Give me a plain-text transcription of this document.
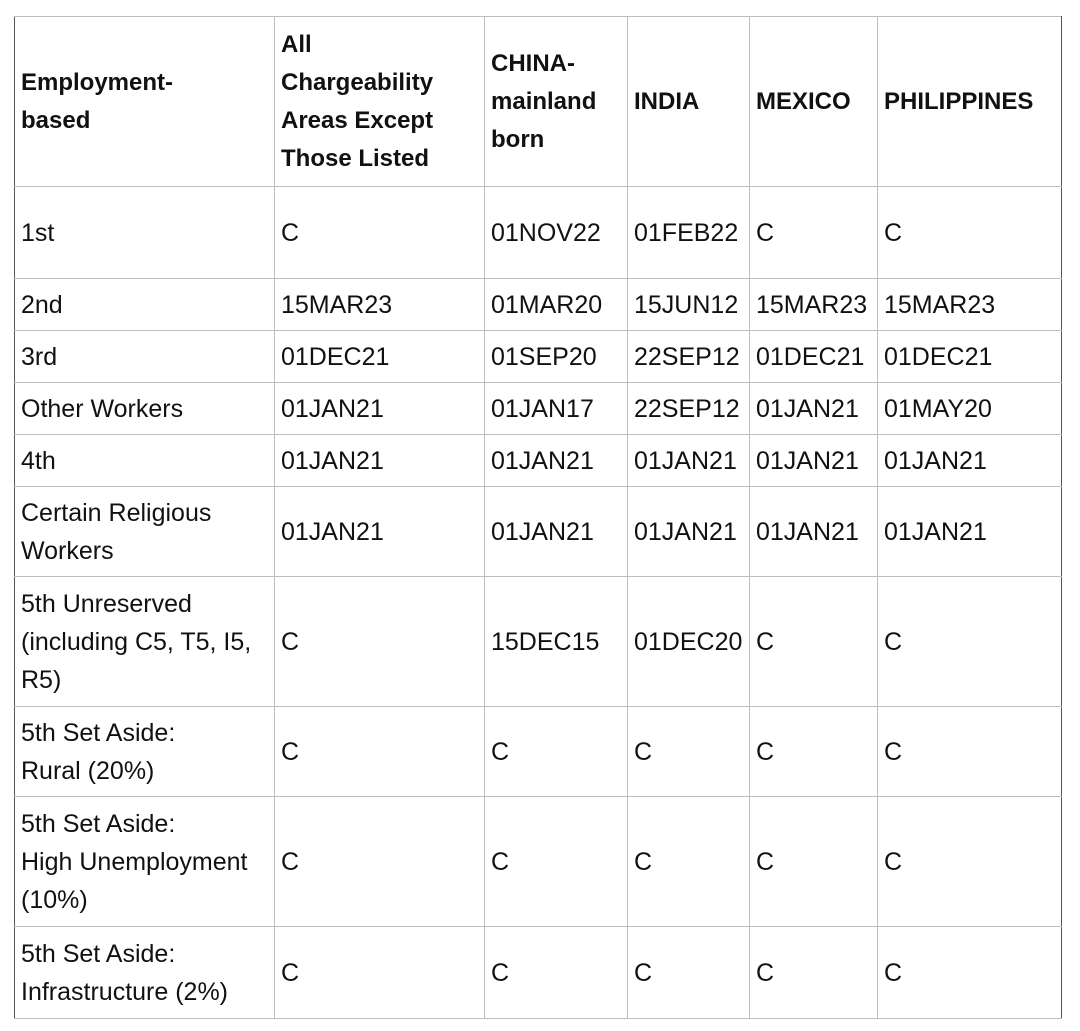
Employment-
based	All
Chargeability
Areas Except
Those Listed	CHINA-
mainland
born	INDIA	MEXICO	PHILIPPINES
1st	C	01NOV22	01FEB22	C	C
2nd	15MAR23	01MAR20	15JUN12	15MAR23	15MAR23
3rd	01DEC21	01SEP20	22SEP12	01DEC21	01DEC21
Other Workers	01JAN21	01JAN17	22SEP12	01JAN21	01MAY20
4th	01JAN21	01JAN21	01JAN21	01JAN21	01JAN21
Certain Religious
Workers	01JAN21	01JAN21	01JAN21	01JAN21	01JAN21
5th Unreserved
(including C5, T5, I5,
R5)	C	15DEC15	01DEC20	C	C
5th Set Aside:
Rural (20%)	C	C	C	C	C
5th Set Aside:
High Unemployment
(10%)	C	C	C	C	C
5th Set Aside:
Infrastructure (2%)	C	C	C	C	C
